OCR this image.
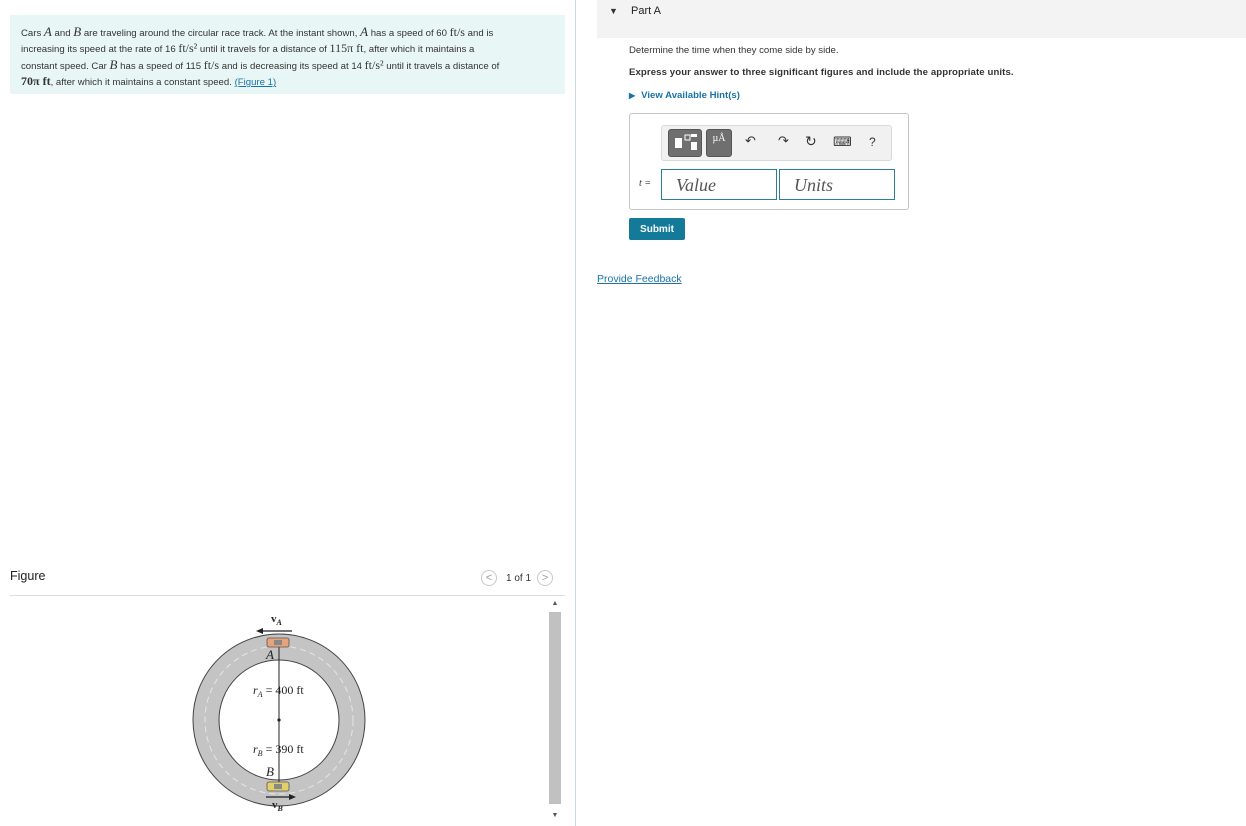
Cars A and B are traveling around the circular race track. At the instant shown, A has a speed of 60 ft/s and is
increasing its speed at the rate of 16 ft/s² until it travels for a distance of 115π ft, after which it maintains a
constant speed. Car B has a speed of 115 ft/s and is decreasing its speed at 14 ft/s² until it travels a distance of
70π ft, after which it maintains a constant speed. (Figure 1)
Figure	<	1 of 1 >
$v_A$
A
$r_A = 400$ ft
$r_B = 390$ ft
B
$v_B$
▲
▼
▼ Part A
Determine the time when they come side by side.
Express your answer to three significant figures and include the appropriate units.
▶ View Available Hint(s)
µÅ	↶ ↷ ↻ ⌨ ?
t =	Value	Units
Submit
Provide Feedback
